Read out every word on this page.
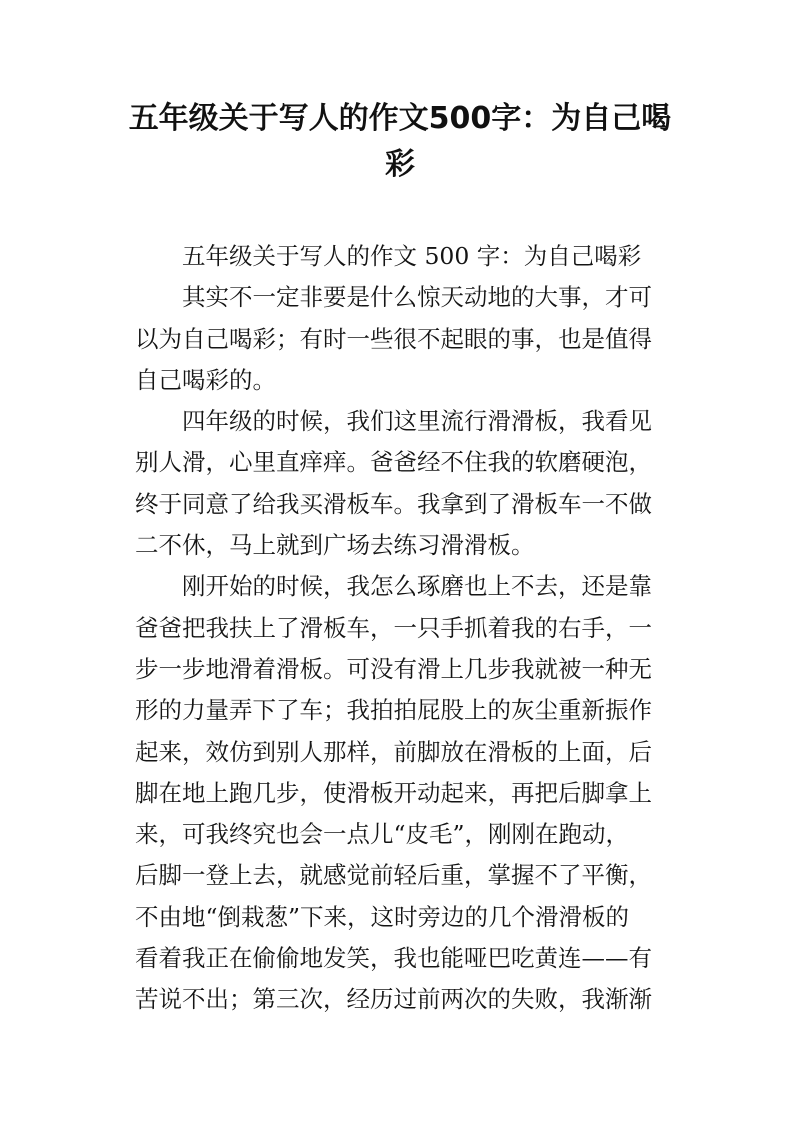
五年级关于写人的作文500字：为自己喝彩
五年级关于写人的作文 500 字：为自己喝彩
其实不一定非要是什么惊天动地的大事，才可
以为自己喝彩；有时一些很不起眼的事，也是值得
自己喝彩的。
四年级的时候，我们这里流行滑滑板，我看见
别人滑，心里直痒痒。爸爸经不住我的软磨硬泡，
终于同意了给我买滑板车。我拿到了滑板车一不做
二不休，马上就到广场去练习滑滑板。
刚开始的时候，我怎么琢磨也上不去，还是靠
爸爸把我扶上了滑板车，一只手抓着我的右手，一
步一步地滑着滑板。可没有滑上几步我就被一种无
形的力量弄下了车；我拍拍屁股上的灰尘重新振作
起来，效仿到别人那样，前脚放在滑板的上面，后
脚在地上跑几步，使滑板开动起来，再把后脚拿上
来，可我终究也会一点儿“皮毛”，刚刚在跑动，
后脚一登上去，就感觉前轻后重，掌握不了平衡，
不由地“倒栽葱”下来，这时旁边的几个滑滑板的
看着我正在偷偷地发笑，我也能哑巴吃黄连——有
苦说不出；第三次，经历过前两次的失败，我渐渐
